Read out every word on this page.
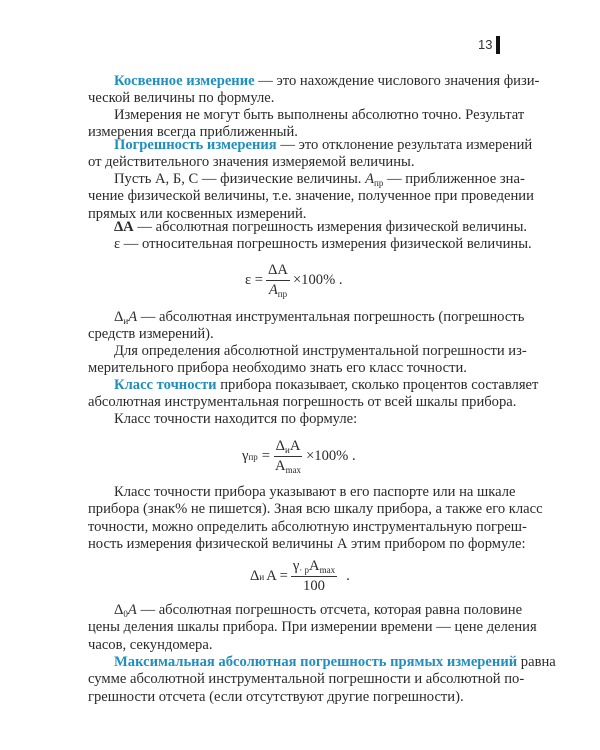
13
Косвенное измерение — это нахождение числового значения физи-
ческой величины по формуле.
Измерения не могут быть выполнены абсолютно точно. Результат
измерения всегда приближенный.
Погрешность измерения — это отклонение результата измерений
от действительного значения измеряемой величины.
Пусть А, Б, С — физические величины. $A_{пр}$ — приближенное зна-
чение физической величины, т.е. значение, полученное при проведении
прямых или косвенных измерений.
ΔA — абсолютная погрешность измерения физической величины.
ε — относительная погрешность измерения физической величины.
$\varepsilon = \frac{\Delta A}{A_{пр}} \times 100\%$ .
$\Delta_иA$ — абсолютная инструментальная погрешность (погрешность
средств измерений).
Для определения абсолютной инструментальной погрешности из-
мерительного прибора необходимо знать его класс точности.
Класс точности прибора показывает, сколько процентов составляет
абсолютная инструментальная погрешность от всей шкалы прибора.
Класс точности находится по формуле:
γ пр = $\frac{\Delta_иA}{A_{max}} \times 100\%$ .
Класс точности прибора указывают в его паспорте или на шкале
прибора (знак% не пишется). Зная всю шкалу прибора, а также его класс
точности, можно определить абсолютную инструментальную погреш-
ность измерения физической величины А этим прибором по формуле:
Δ и $A = \frac{\gamma_{\cdot р}A_{max}}{100}$ .
$\Delta_0A$ — абсолютная погрешность отсчета, которая равна половине
цены деления шкалы прибора. При измерении времени — цене деления
часов, секундомера.
Максимальная абсолютная погрешность прямых измерений равна
сумме абсолютной инструментальной погрешности и абсолютной по-
грешности отсчета (если отсутствуют другие погрешности).
